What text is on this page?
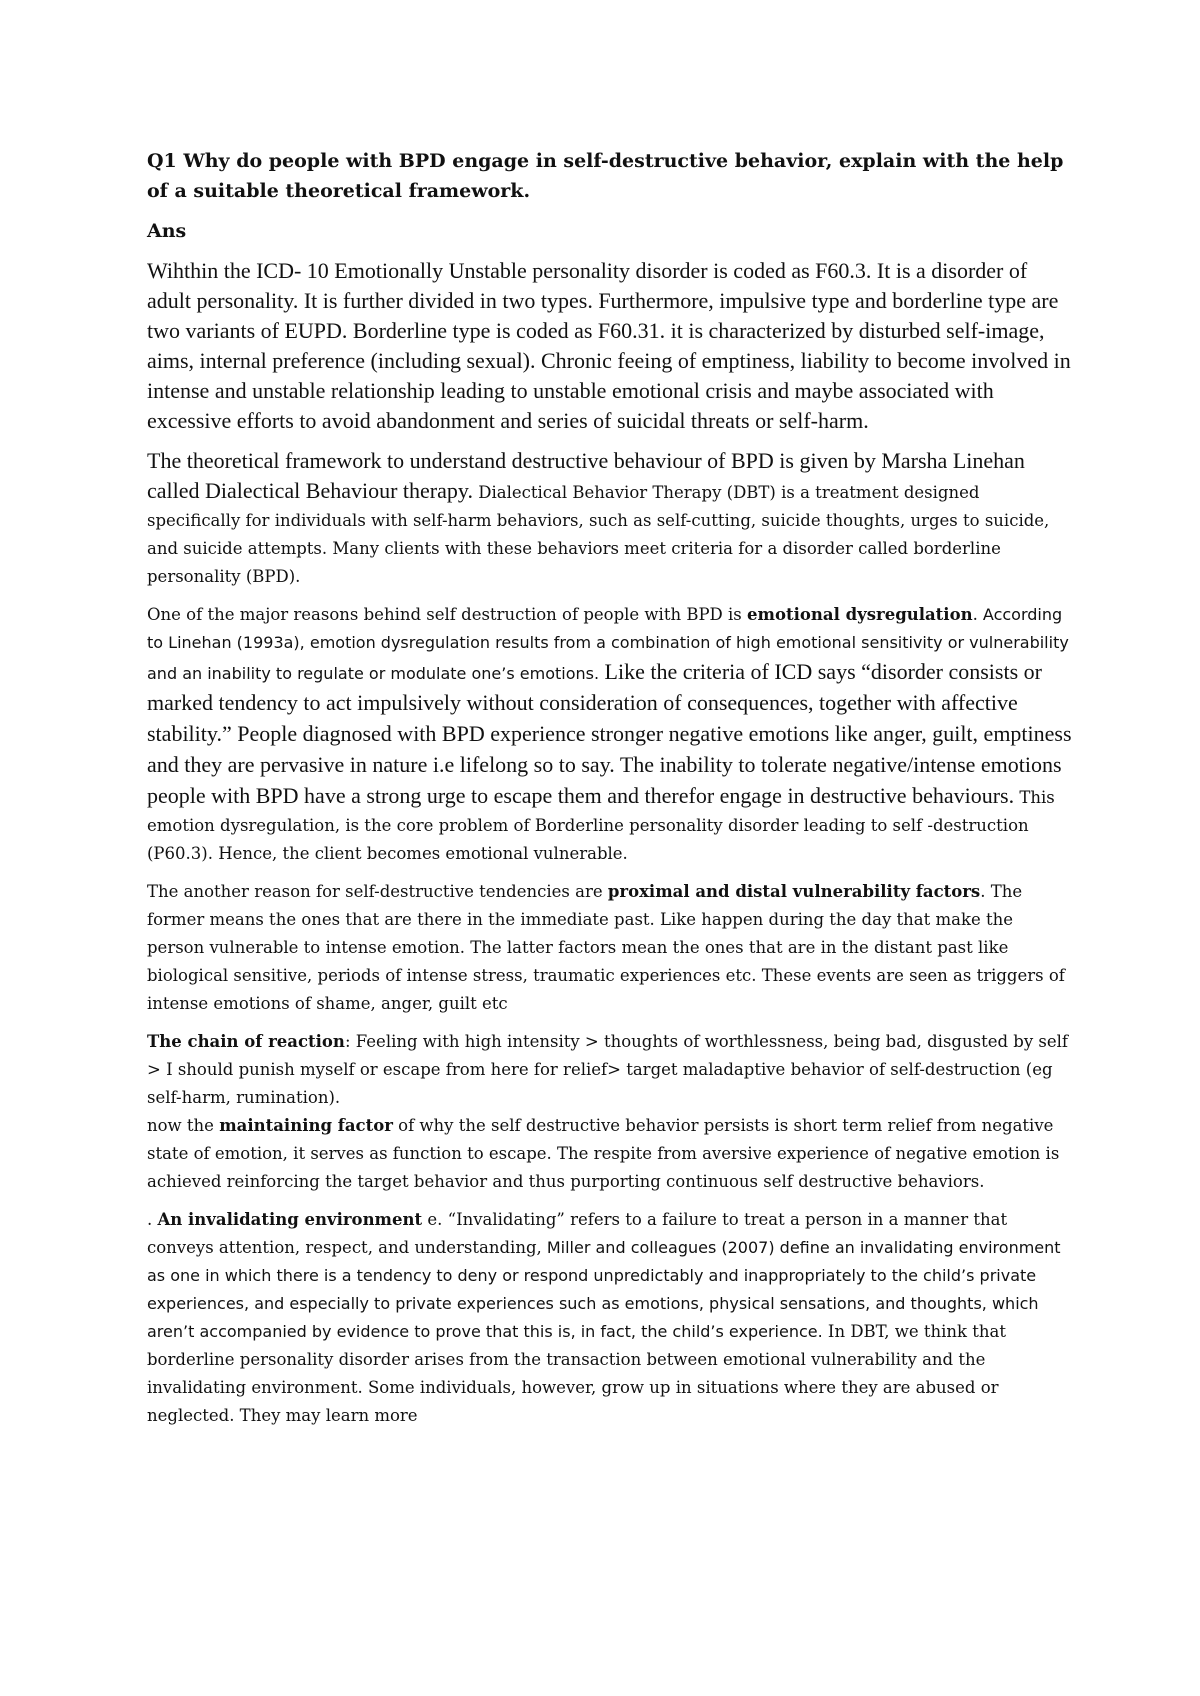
Q1 Why do people with BPD engage in self-destructive behavior, explain with the help of a suitable theoretical framework.
Ans

Wihthin the ICD- 10 Emotionally Unstable personality disorder is coded as F60.3. It is a disorder of adult personality. It is further divided in two types. Furthermore, impulsive type and borderline type are two variants of EUPD. Borderline type is coded as F60.31. it is characterized by disturbed self-image, aims, internal preference (including sexual). Chronic feeing of emptiness, liability to become involved in intense and unstable relationship leading to unstable emotional crisis and maybe associated with excessive efforts to avoid abandonment and series of suicidal threats or self-harm.

The theoretical framework to understand destructive behaviour of BPD is given by Marsha Linehan called Dialectical Behaviour therapy. Dialectical Behavior Therapy (DBT) is a treatment designed specifically for individuals with self-harm behaviors, such as self-cutting, suicide thoughts, urges to suicide, and suicide attempts. Many clients with these behaviors meet criteria for a disorder called borderline personality (BPD).

One of the major reasons behind self destruction of people with BPD is emotional dysregulation. According to Linehan (1993a), emotion dysregulation results from a combination of high emotional sensitivity or vulnerability and an inability to regulate or modulate one’s emotions. Like the criteria of ICD says “disorder consists or marked tendency to act impulsively without consideration of consequences, together with affective stability.” People diagnosed with BPD experience stronger negative emotions like anger, guilt, emptiness and they are pervasive in nature i.e lifelong so to say. The inability to tolerate negative/intense emotions people with BPD have a strong urge to escape them and therefor engage in destructive behaviours. This emotion dysregulation, is the core problem of Borderline personality disorder leading to self -destruction (P60.3). Hence, the client becomes emotional vulnerable.

The another reason for self-destructive tendencies are proximal and distal vulnerability factors. The former means the ones that are there in the immediate past. Like happen during the day that make the person vulnerable to intense emotion. The latter factors mean the ones that are in the distant past like biological sensitive, periods of intense stress, traumatic experiences etc. These events are seen as triggers of intense emotions of shame, anger, guilt etc

The chain of reaction: Feeling with high intensity > thoughts of worthlessness, being bad, disgusted by self > I should punish myself or escape from here for relief> target maladaptive behavior of self-destruction (eg self-harm, rumination).

now the maintaining factor of why the self destructive behavior persists is short term relief from negative state of emotion, it serves as function to escape. The respite from aversive experience of negative emotion is achieved reinforcing the target behavior and thus purporting continuous self destructive behaviors.

. An invalidating environment e. “Invalidating” refers to a failure to treat a person in a manner that conveys attention, respect, and understanding, Miller and colleagues (2007) define an invalidating environment as one in which there is a tendency to deny or respond unpredictably and inappropriately to the child’s private experiences, and especially to private experiences such as emotions, physical sensations, and thoughts, which aren’t accompanied by evidence to prove that this is, in fact, the child’s experience. In DBT, we think that borderline personality disorder arises from the transaction between emotional vulnerability and the invalidating environment. Some individuals, however, grow up in situations where they are abused or neglected. They may learn more
